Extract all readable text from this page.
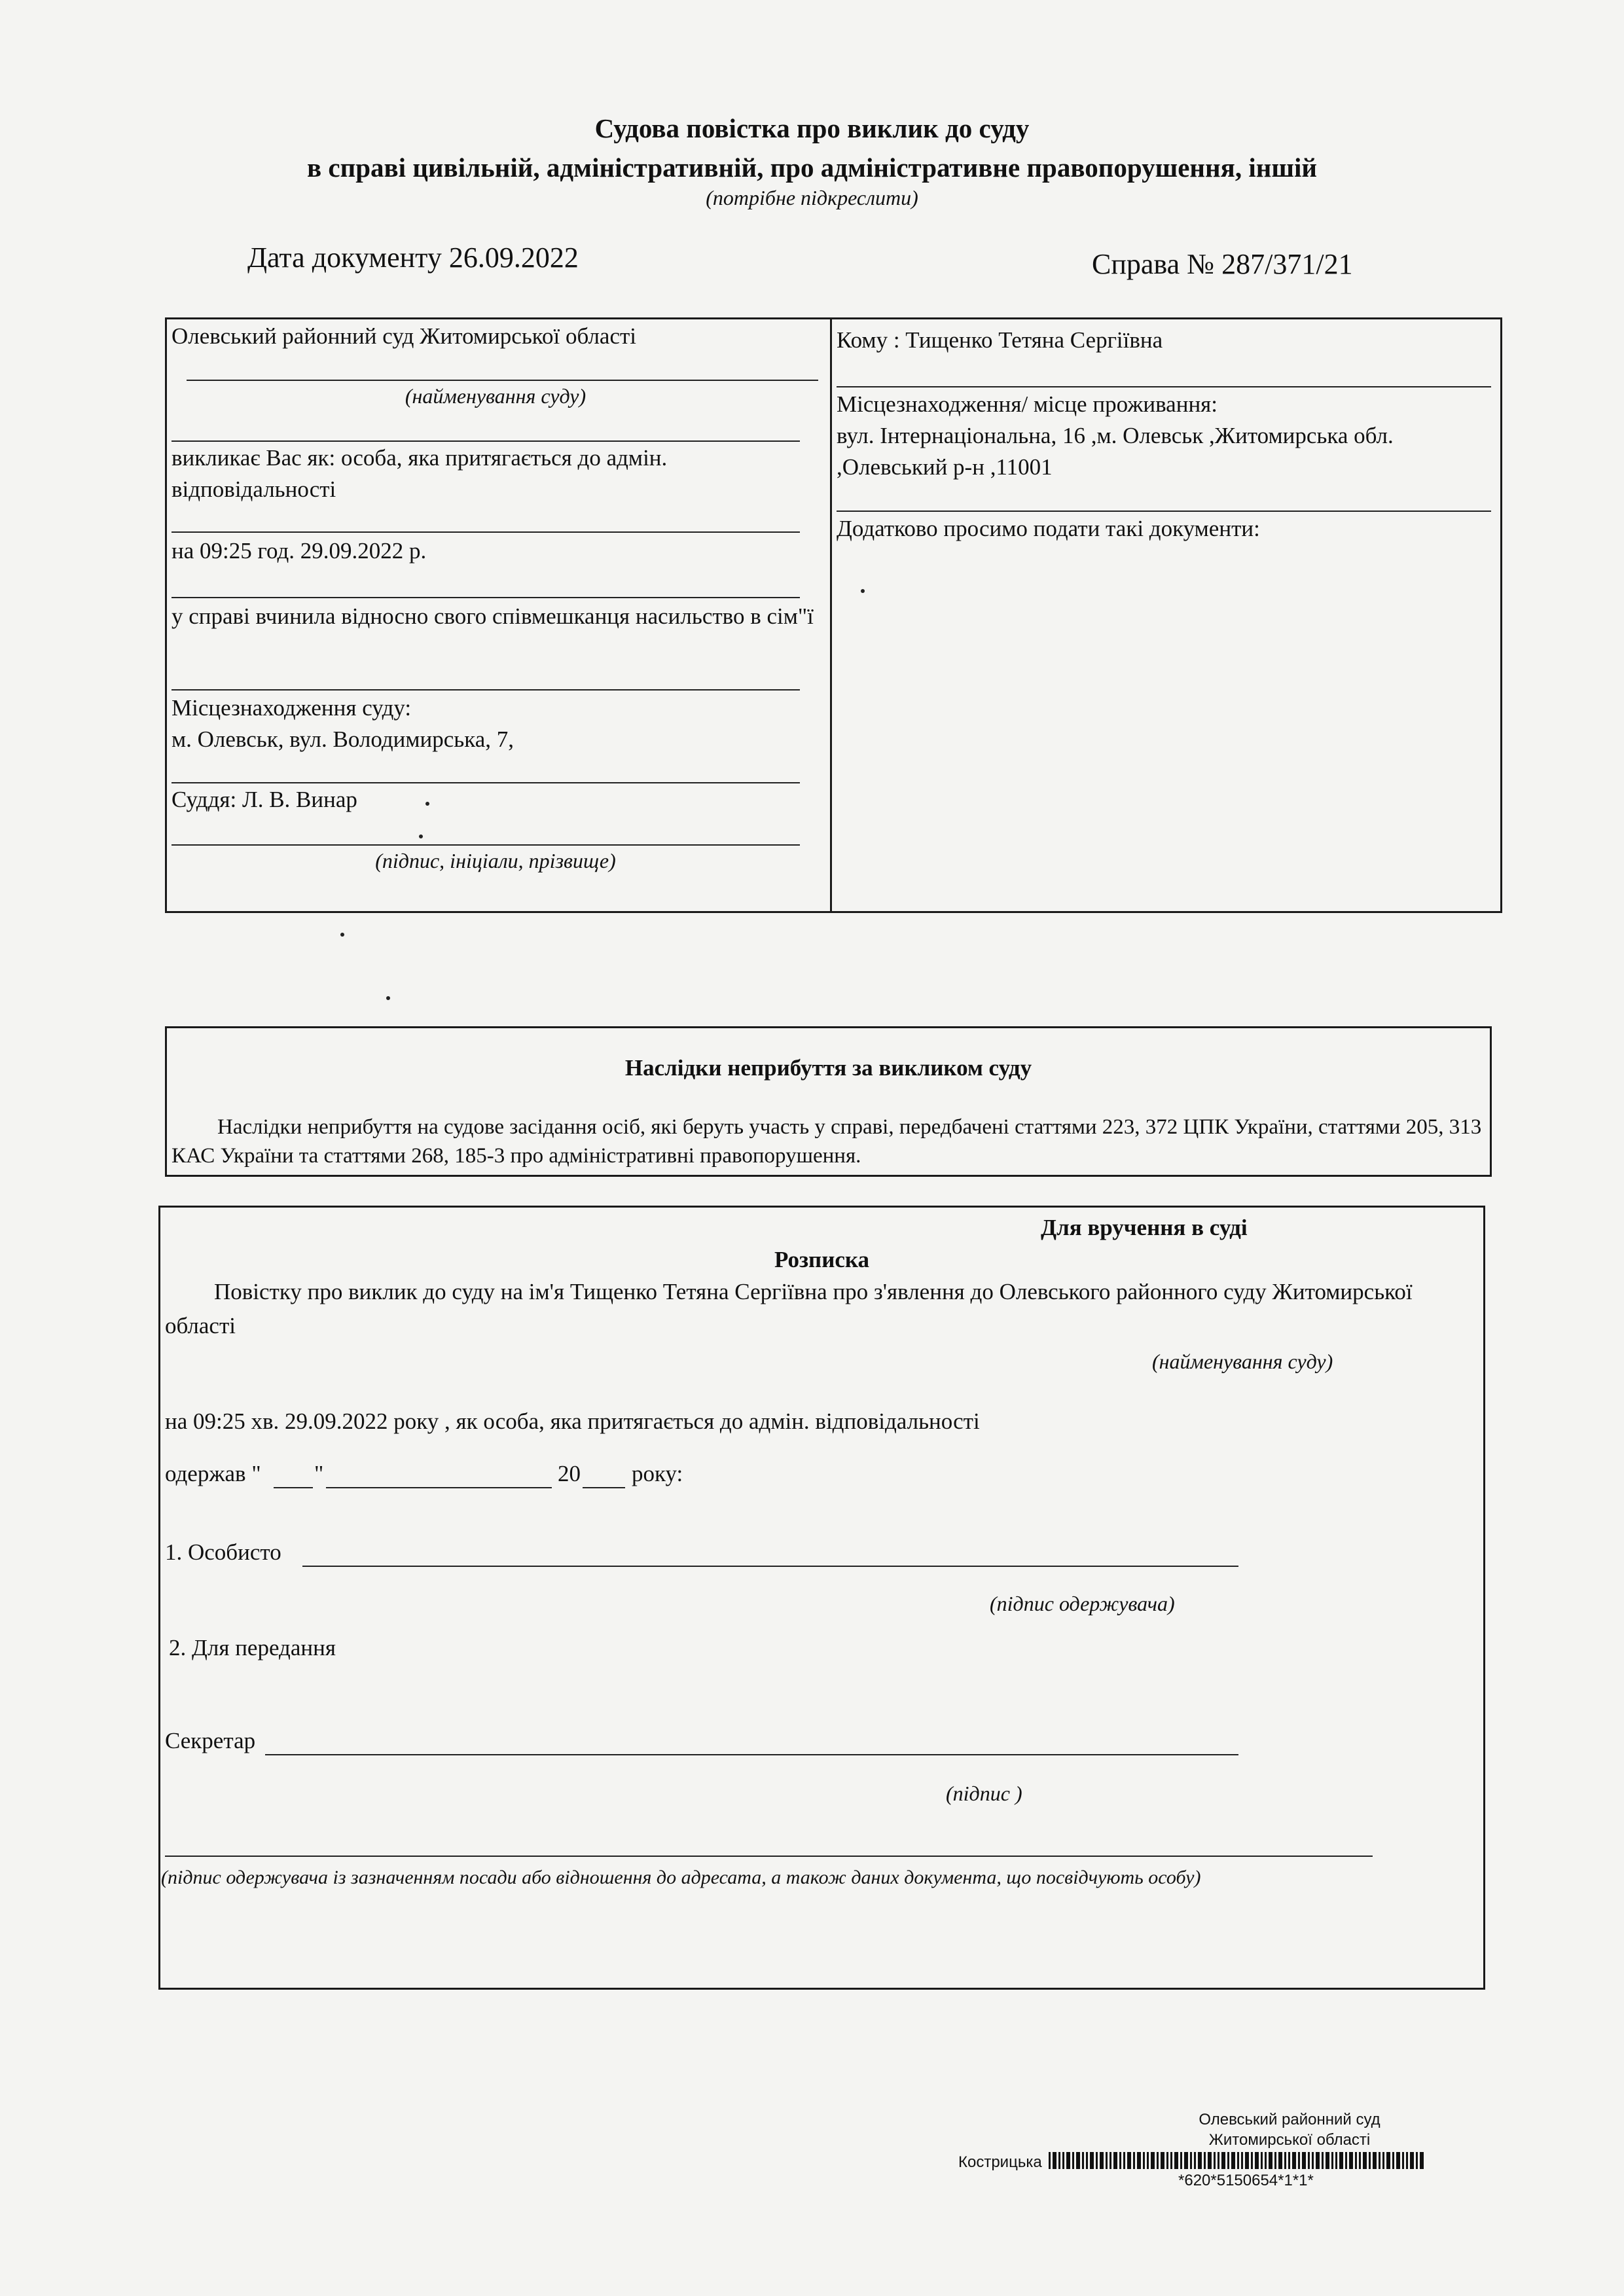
Судова повістка про виклик до суду
в справі цивільній, адміністративній, про адміністративне правопорушення, іншій
(потрібне підкреслити)
Дата документу 26.09.2022	Справа № 287/371/21
Олевський районний суд Житомирської області
(найменування суду)
викликає Вас як: особа, яка притягається до адмін. відповідальності
на 09:25 год. 29.09.2022 р.
у справі вчинила відносно свого співмешканця насильство в сім"ї
Місцезнаходження суду:
м. Олевськ, вул. Володимирська, 7,
Суддя: Л. В. Винар
(підпис, ініціали, прізвище)
Кому : Тищенко Тетяна Сергіївна
Місцезнаходження/ місце проживання:
вул. Інтернаціональна, 16 ,м. Олевськ ,Житомирська обл. ,Олевський р-н ,11001
Додатково просимо подати такі документи:
Наслідки неприбуття за викликом суду
Наслідки неприбуття на судове засідання осіб, які беруть участь у справі, передбачені статтями 223, 372 ЦПК України, статтями 205, 313 КАС України та статтями 268, 185-3 про адміністративні правопорушення.
Для вручення в суді
Розписка
Повістку про виклик до суду на ім'я Тищенко Тетяна Сергіївна про з'явлення до Олевського районного суду Житомирської області
(найменування суду)
на 09:25 хв. 29.09.2022 року , як особа, яка притягається до адмін. відповідальності
одержав " "	20 року:
1. Особисто
(підпис одержувача)
2. Для передання
Секретар
(підпис )
(підпис одержувача із зазначенням посади або відношення до адресата, а також даних документа, що посвідчують особу)
Олевський районний суд
Житомирської області
Кострицька
*620*5150654*1*1*
